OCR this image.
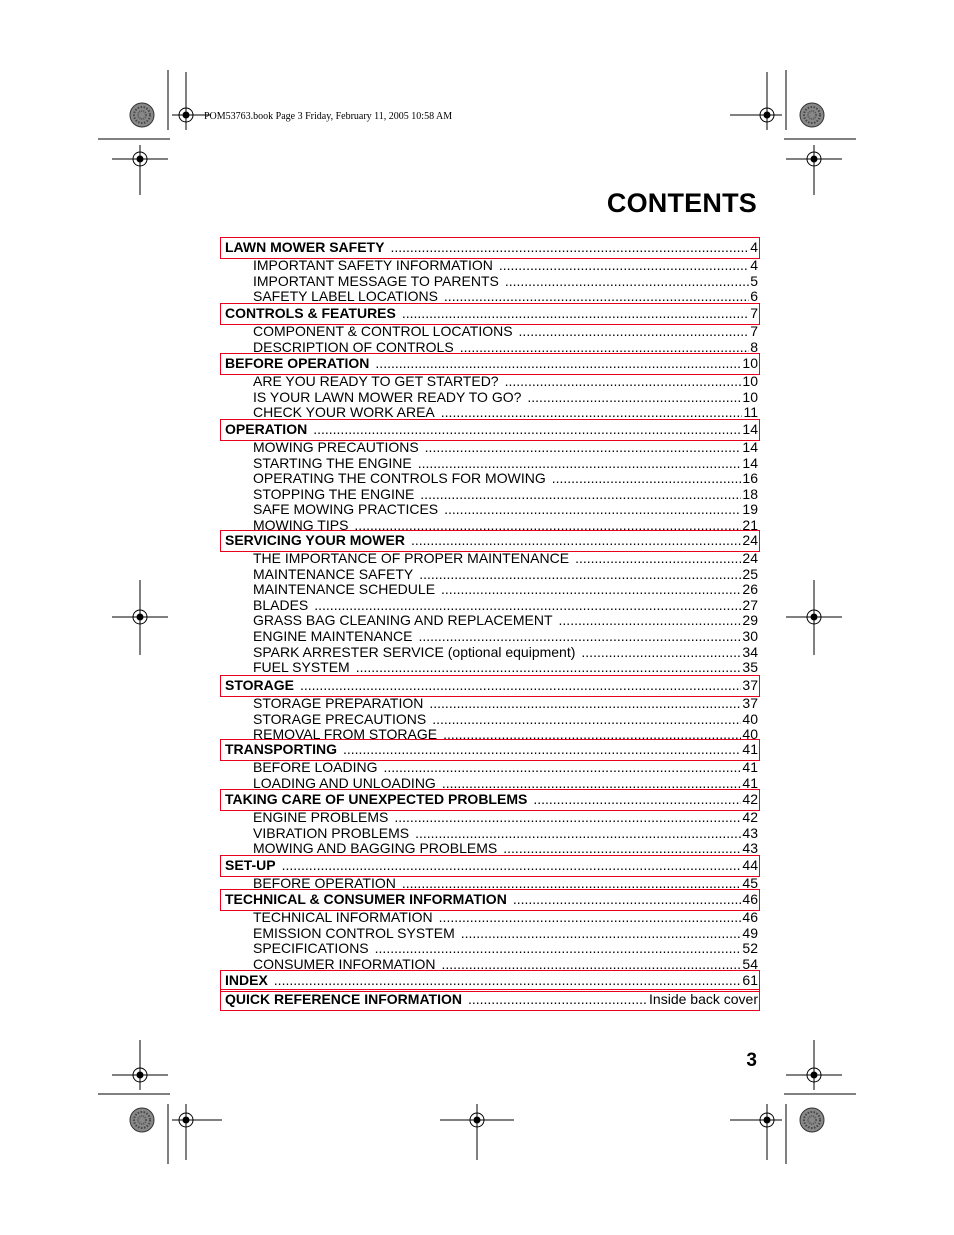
POM53763.book Page 3 Friday, February 11, 2005 10:58 AM
CONTENTS
LAWN MOWER SAFETY .....	4
IMPORTANT SAFETY INFORMATION .....	4
IMPORTANT MESSAGE TO PARENTS .....	5
SAFETY LABEL LOCATIONS .....	6
CONTROLS & FEATURES .....	7
COMPONENT & CONTROL LOCATIONS .....	7
DESCRIPTION OF CONTROLS .....	8
BEFORE OPERATION .....	10
ARE YOU READY TO GET STARTED? .....	10
IS YOUR LAWN MOWER READY TO GO? .....	10
CHECK YOUR WORK AREA .....	11
OPERATION .....	14
MOWING PRECAUTIONS .....	14
STARTING THE ENGINE .....	14
OPERATING THE CONTROLS FOR MOWING .....	16
STOPPING THE ENGINE .....	18
SAFE MOWING PRACTICES .....	19
MOWING TIPS .....	21
SERVICING YOUR MOWER .....	24
THE IMPORTANCE OF PROPER MAINTENANCE .....	24
MAINTENANCE SAFETY .....	25
MAINTENANCE SCHEDULE .....	26
BLADES .....	27
GRASS BAG CLEANING AND REPLACEMENT .....	29
ENGINE MAINTENANCE .....	30
SPARK ARRESTER SERVICE (optional equipment) .....	34
FUEL SYSTEM .....	35
STORAGE .....	37
STORAGE PREPARATION .....	37
STORAGE PRECAUTIONS .....	40
REMOVAL FROM STORAGE .....	40
TRANSPORTING .....	41
BEFORE LOADING .....	41
LOADING AND UNLOADING .....	41
TAKING CARE OF UNEXPECTED PROBLEMS .....	42
ENGINE PROBLEMS .....	42
VIBRATION PROBLEMS .....	43
MOWING AND BAGGING PROBLEMS .....	43
SET-UP .....	44
BEFORE OPERATION .....	45
TECHNICAL & CONSUMER INFORMATION .....	46
TECHNICAL INFORMATION .....	46
EMISSION CONTROL SYSTEM .....	49
SPECIFICATIONS .....	52
CONSUMER INFORMATION .....	54
INDEX .....	61
QUICK REFERENCE INFORMATION .....	Inside back cover
3
